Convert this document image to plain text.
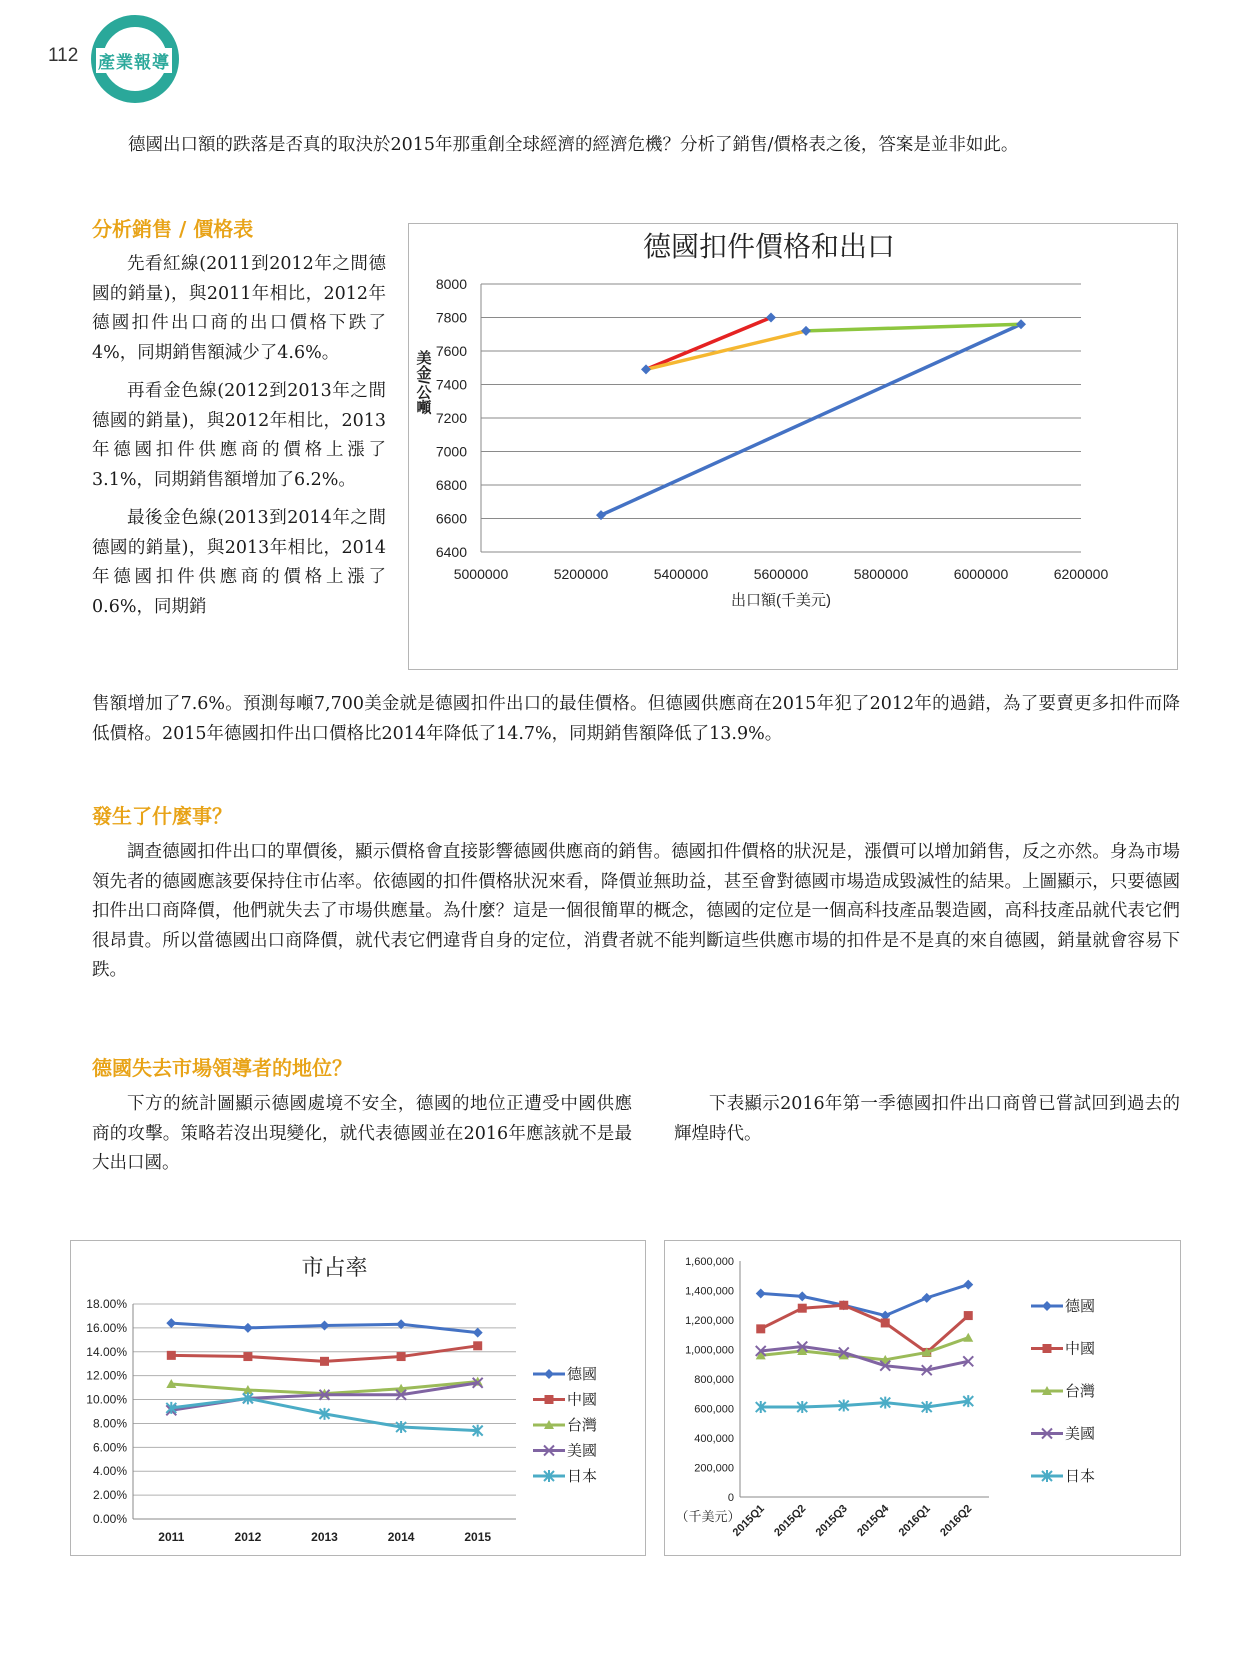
112 產業報導
德國出口額的跌落是否真的取決於2015年那重創全球經濟的經濟危機？分析了銷售/價格表之後，答案是並非如此。
分析銷售 / 價格表

先看紅線(2011到2012年之間德國的銷量)，與2011年相比，2012年德國扣件出口商的出口價格下跌了4%，同期銷售額減少了4.6%。

再看金色線(2012到2013年之間德國的銷量)，與2012年相比，2013年德國扣件供應商的價格上漲了3.1%，同期銷售額增加了6.2%。

最後金色線(2013到2014年之間德國的銷量)，與2013年相比，2014年德國扣件供應商的價格上漲了0.6%，同期銷

售額增加了7.6%。預測每噸7,700美金就是德國扣件出口的最佳價格。但德國供應商在2015年犯了2012年的過錯，為了要賣更多扣件而降低價格。2015年德國扣件出口價格比2014年降低了14.7%，同期銷售額降低了13.9%。
德國扣件價格和出口
6400
6600
6800
7000
7200
7400
7600
7800
8000
5000000	5200000	5400000	5600000	5800000	6000000	6200000
出口額(千美元)
美金/公噸
發生了什麼事？
調查德國扣件出口的單價後，顯示價格會直接影響德國供應商的銷售。德國扣件價格的狀況是，漲價可以增加銷售，反之亦然。身為市場領先者的德國應該要保持住市佔率。依德國的扣件價格狀況來看，降價並無助益，甚至會對德國市場造成毀滅性的結果。上圖顯示，只要德國扣件出口商降價，他們就失去了市場供應量。為什麼？這是一個很簡單的概念，德國的定位是一個高科技產品製造國，高科技產品就代表它們很昂貴。所以當德國出口商降價，就代表它們違背自身的定位，消費者就不能判斷這些供應市場的扣件是不是真的來自德國，銷量就會容易下跌。
德國失去市場領導者的地位？
下方的統計圖顯示德國處境不安全，德國的地位正遭受中國供應商的攻擊。策略若沒出現變化，就代表德國並在2016年應該就不是最大出口國。
下表顯示2016年第一季德國扣件出口商曾已嘗試回到過去的輝煌時代。
市占率
0.00%
2.00%
4.00%
6.00%
8.00%
10.00%
12.00%
14.00%
16.00%
18.00%
2011	2012	2013	2014	2015
德國
中國
台灣
美國
日本
0
200,000
400,000
600,000
800,000
1,000,000
1,200,000
1,400,000
1,600,000
2015Q1 2015Q2 2015Q3 2015Q4 2016Q1 2016Q2
（千美元）
德國
中國
台灣
美國
日本
